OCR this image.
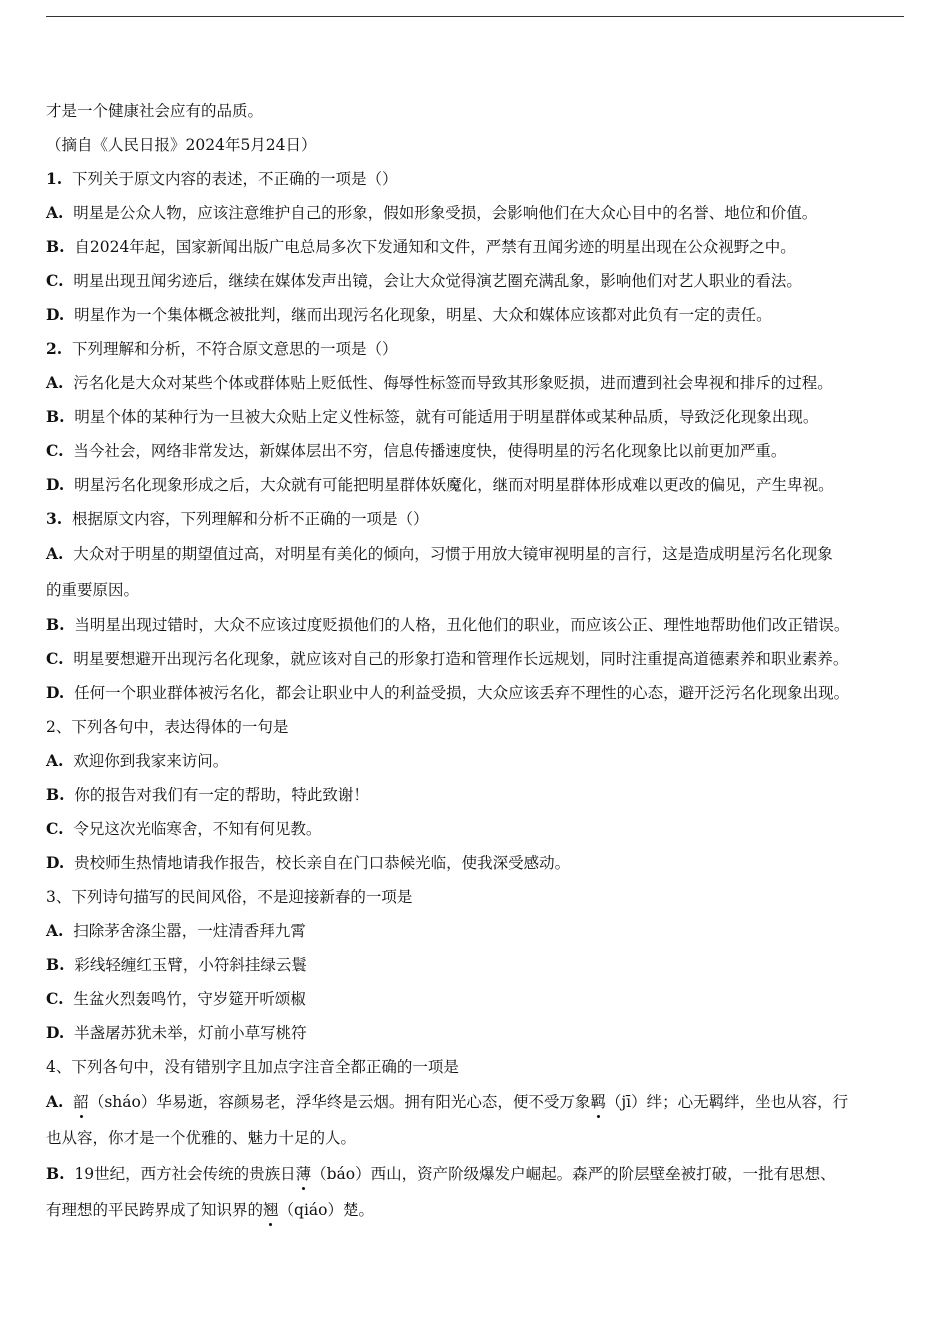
才是一个健康社会应有的品质。
（摘自《人民日报》2024年5月24日）
1. 下列关于原文内容的表述，不正确的一项是（）
A. 明星是公众人物，应该注意维护自己的形象，假如形象受损，会影响他们在大众心目中的名誉、地位和价值。
B. 自2024年起，国家新闻出版广电总局多次下发通知和文件，严禁有丑闻劣迹的明星出现在公众视野之中。
C. 明星出现丑闻劣迹后，继续在媒体发声出镜，会让大众觉得演艺圈充满乱象，影响他们对艺人职业的看法。
D. 明星作为一个集体概念被批判，继而出现污名化现象，明星、大众和媒体应该都对此负有一定的责任。
2. 下列理解和分析，不符合原文意思的一项是（）
A. 污名化是大众对某些个体或群体贴上贬低性、侮辱性标签而导致其形象贬损，进而遭到社会卑视和排斥的过程。
B. 明星个体的某种行为一旦被大众贴上定义性标签，就有可能适用于明星群体或某种品质，导致泛化现象出现。
C. 当今社会，网络非常发达，新媒体层出不穷，信息传播速度快，使得明星的污名化现象比以前更加严重。
D. 明星污名化现象形成之后，大众就有可能把明星群体妖魔化，继而对明星群体形成难以更改的偏见，产生卑视。
3. 根据原文内容，下列理解和分析不正确的一项是（）
A. 大众对于明星的期望值过高，对明星有美化的倾向，习惯于用放大镜审视明星的言行，这是造成明星污名化现象
的重要原因。
B. 当明星出现过错时，大众不应该过度贬损他们的人格，丑化他们的职业，而应该公正、理性地帮助他们改正错误。
C. 明星要想避开出现污名化现象，就应该对自己的形象打造和管理作长远规划，同时注重提高道德素养和职业素养。
D. 任何一个职业群体被污名化，都会让职业中人的利益受损，大众应该丢弃不理性的心态，避开泛污名化现象出现。
2、下列各句中，表达得体的一句是
A. 欢迎你到我家来访问。
B. 你的报告对我们有一定的帮助，特此致谢！
C. 令兄这次光临寒舍，不知有何见教。
D. 贵校师生热情地请我作报告，校长亲自在门口恭候光临，使我深受感动。
3、下列诗句描写的民间风俗，不是迎接新春的一项是
A. 扫除茅舍涤尘嚣，一炷清香拜九霄
B. 彩线轻缠红玉臂，小符斜挂绿云鬟
C. 生盆火烈轰鸣竹，守岁筵开听颂椒
D. 半盏屠苏犹未举，灯前小草写桃符
4、下列各句中，没有错别字且加点字注音全都正确的一项是
A. 韶（sháo）华易逝，容颜易老，浮华终是云烟。拥有阳光心态，便不受万象羁（jī）绊；心无羁绊，坐也从容，行
也从容，你才是一个优雅的、魅力十足的人。
B. 19世纪，西方社会传统的贵族日薄（báo）西山，资产阶级爆发户崛起。森严的阶层壁垒被打破，一批有思想、
有理想的平民跨界成了知识界的翘（qiáo）楚。
